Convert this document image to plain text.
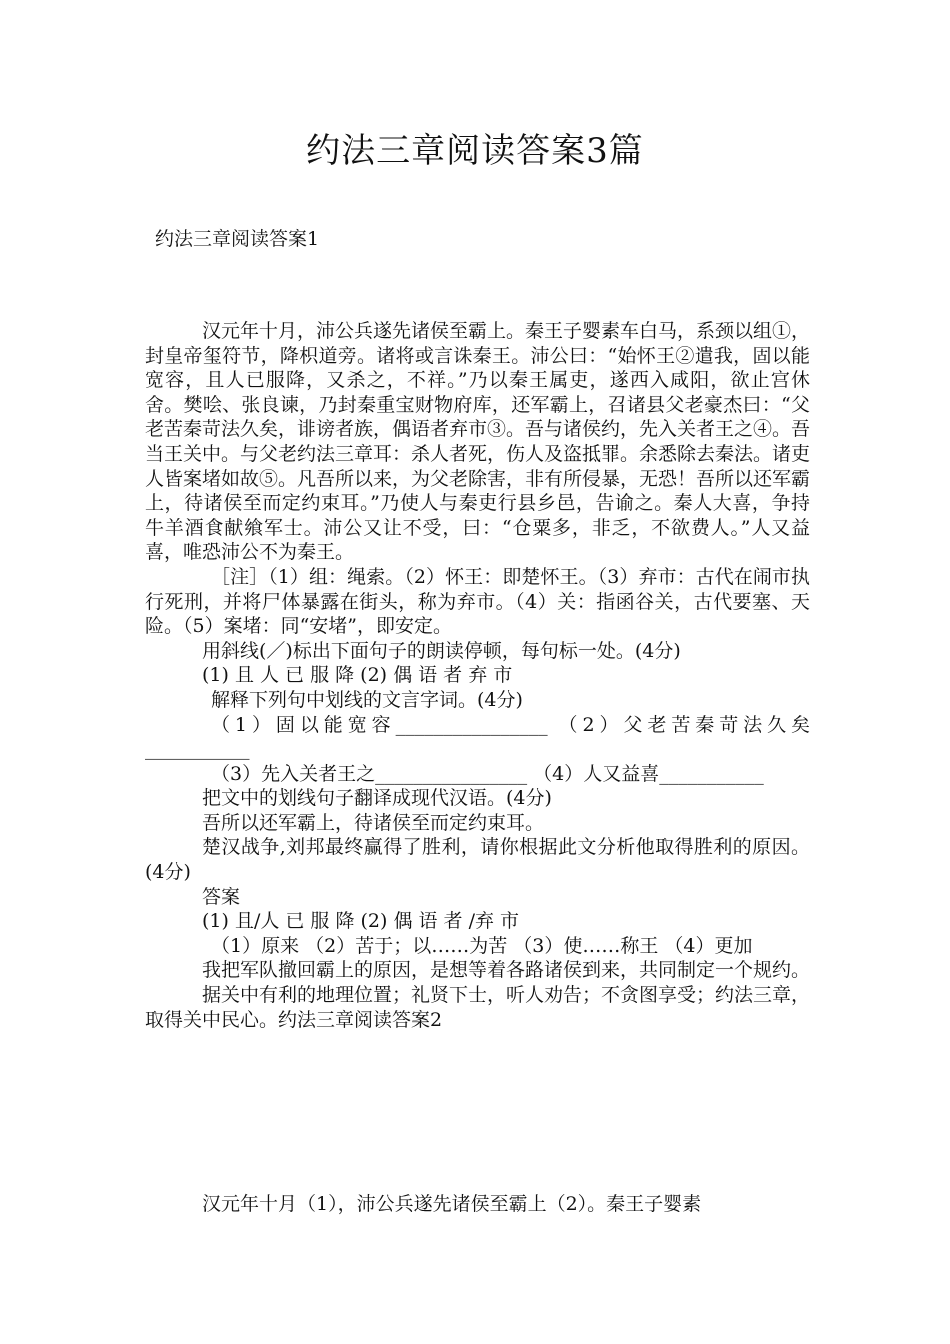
约法三章阅读答案3篇
约法三章阅读答案1

汉元年十月，沛公兵遂先诸侯至霸上。秦王子婴素车白马，系颈以组①，封皇帝玺符节，降枳道旁。诸将或言诛秦王。沛公曰：“始怀王②遣我，固以能宽容，且人已服降，又杀之，不祥。”乃以秦王属吏，遂西入咸阳，欲止宫休舍。樊哙、张良谏，乃封秦重宝财物府库，还军霸上，召诸县父老豪杰曰：“父老苦秦苛法久矣，诽谤者族，偶语者弃市③。吾与诸侯约，先入关者王之④。吾当王关中。与父老约法三章耳：杀人者死，伤人及盗抵罪。余悉除去秦法。诸吏人皆案堵如故⑤。凡吾所以来，为父老除害，非有所侵暴，无恐！吾所以还军霸上，待诸侯至而定约束耳。”乃使人与秦吏行县乡邑，告谕之。秦人大喜，争持牛羊酒食献飨军士。沛公又让不受，曰：“仓粟多，非乏，不欲费人。”人又益喜，唯恐沛公不为秦王。

［注］（1）组：绳索。（2）怀王：即楚怀王。（3）弃市：古代在闹市执行死刑，并将尸体暴露在街头，称为弃市。（4）关：指函谷关，古代要塞、天险。（5）案堵：同“安堵”，即安定。

用斜线(／)标出下面句子的朗读停顿，每句标一处。(4分)

(1) 且 人 已 服 降 (2) 偶 语 者 弃 市

解释下列句中划线的文言字词。(4分)

（1）固以能宽容________________ （2）父老苦秦苛法久矣___________

（3）先入关者王之________________ （4）人又益喜___________

把文中的划线句子翻译成现代汉语。(4分)

吾所以还军霸上，待诸侯至而定约束耳。

楚汉战争,刘邦最终赢得了胜利，请你根据此文分析他取得胜利的原因。(4分)

答案

(1) 且/人 已 服 降 (2) 偶 语 者 /弃 市

（1）原来 （2）苦于；以……为苦 （3）使……称王 （4）更加

我把军队撤回霸上的原因，是想等着各路诸侯到来，共同制定一个规约。

据关中有利的地理位置；礼贤下士，听人劝告；不贪图享受；约法三章，取得关中民心。约法三章阅读答案2

汉元年十月（1），沛公兵遂先诸侯至霸上（2）。秦王子婴素
